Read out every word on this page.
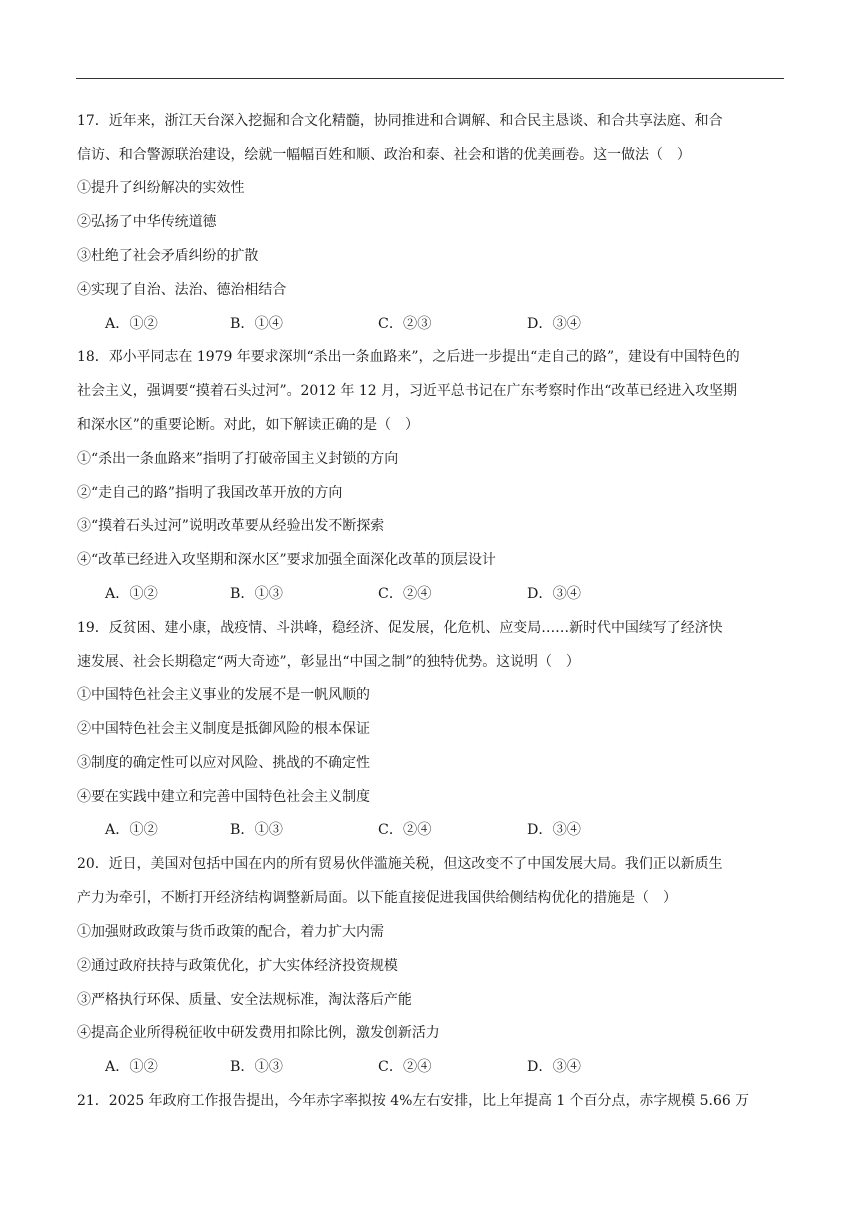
17．近年来，浙江天台深入挖掘和合文化精髓，协同推进和合调解、和合民主恳谈、和合共享法庭、和合
信访、和合警源联治建设，绘就一幅幅百姓和顺、政治和泰、社会和谐的优美画卷。这一做法（　）
①提升了纠纷解决的实效性
②弘扬了中华传统道德
③杜绝了社会矛盾纠纷的扩散
④实现了自治、法治、德治相结合
A．①②	B．①④	C．②③	D．③④
18．邓小平同志在 1979 年要求深圳“杀出一条血路来”，之后进一步提出“走自己的路”，建设有中国特色的
社会主义，强调要“摸着石头过河”。2012 年 12 月，习近平总书记在广东考察时作出“改革已经进入攻坚期
和深水区”的重要论断。对此，如下解读正确的是（　）
①“杀出一条血路来”指明了打破帝国主义封锁的方向
②“走自己的路”指明了我国改革开放的方向
③“摸着石头过河”说明改革要从经验出发不断探索
④“改革已经进入攻坚期和深水区”要求加强全面深化改革的顶层设计
A．①②	B．①③	C．②④	D．③④
19．反贫困、建小康，战疫情、斗洪峰，稳经济、促发展，化危机、应变局……新时代中国续写了经济快
速发展、社会长期稳定“两大奇迹”，彰显出“中国之制”的独特优势。这说明（　）
①中国特色社会主义事业的发展不是一帆风顺的
②中国特色社会主义制度是抵御风险的根本保证
③制度的确定性可以应对风险、挑战的不确定性
④要在实践中建立和完善中国特色社会主义制度
A．①②	B．①③	C．②④	D．③④
20．近日，美国对包括中国在内的所有贸易伙伴滥施关税，但这改变不了中国发展大局。我们正以新质生
产力为牵引，不断打开经济结构调整新局面。以下能直接促进我国供给侧结构优化的措施是（　）
①加强财政政策与货币政策的配合，着力扩大内需
②通过政府扶持与政策优化，扩大实体经济投资规模
③严格执行环保、质量、安全法规标准，淘汰落后产能
④提高企业所得税征收中研发费用扣除比例，激发创新活力
A．①②	B．①③	C．②④	D．③④
21．2025 年政府工作报告提出，今年赤字率拟按 4%左右安排，比上年提高 1 个百分点，赤字规模 5.66 万
